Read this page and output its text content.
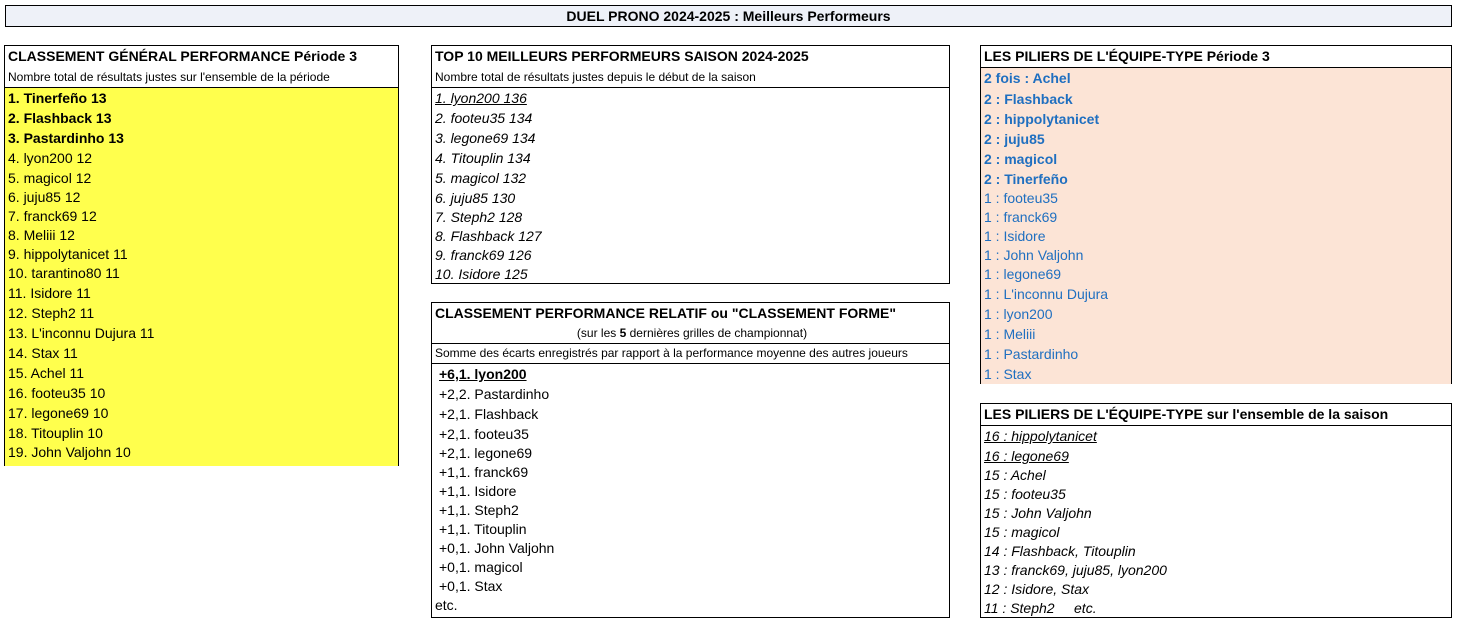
DUEL PRONO 2024-2025 : Meilleurs Performeurs
CLASSEMENT GÉNÉRAL PERFORMANCE Période 3
Nombre total de résultats justes sur l'ensemble de la période
1. Tinerfeño 13
2. Flashback 13
3. Pastardinho 13
4. lyon200 12
5. magicol 12
6. juju85 12
7. franck69 12
8. Meliii 12
9. hippolytanicet 11
10. tarantino80 11
11. Isidore 11
12. Steph2 11
13. L'inconnu Dujura 11
14. Stax 11
15. Achel 11
16. footeu35 10
17. legone69 10
18. Titouplin 10
19. John Valjohn 10
TOP 10 MEILLEURS PERFORMEURS SAISON 2024-2025
Nombre total de résultats justes depuis le début de la saison
1. lyon200 136
2. footeu35 134
3. legone69 134
4. Titouplin 134
5. magicol 132
6. juju85 130
7. Steph2 128
8. Flashback 127
9. franck69 126
10. Isidore 125
CLASSEMENT PERFORMANCE RELATIF ou "CLASSEMENT FORME"
(sur les 5 dernières grilles de championnat)
Somme des écarts enregistrés par rapport à la performance moyenne des autres joueurs
+6,1. lyon200
+2,2. Pastardinho
+2,1. Flashback
+2,1. footeu35
+2,1. legone69
+1,1. franck69
+1,1. Isidore
+1,1. Steph2
+1,1. Titouplin
+0,1. John Valjohn
+0,1. magicol
+0,1. Stax
etc.
LES PILIERS DE L'ÉQUIPE-TYPE Période 3
2 fois : Achel
2 : Flashback
2 : hippolytanicet
2 : juju85
2 : magicol
2 : Tinerfeño
1 : footeu35
1 : franck69
1 : Isidore
1 : John Valjohn
1 : legone69
1 : L'inconnu Dujura
1 : lyon200
1 : Meliii
1 : Pastardinho
1 : Stax
LES PILIERS DE L'ÉQUIPE-TYPE sur l'ensemble de la saison
16 : hippolytanicet
16 : legone69
15 : Achel
15 : footeu35
15 : John Valjohn
15 : magicol
14 : Flashback, Titouplin
13 : franck69, juju85, lyon200
12 : Isidore, Stax
11 : Steph2     etc.
